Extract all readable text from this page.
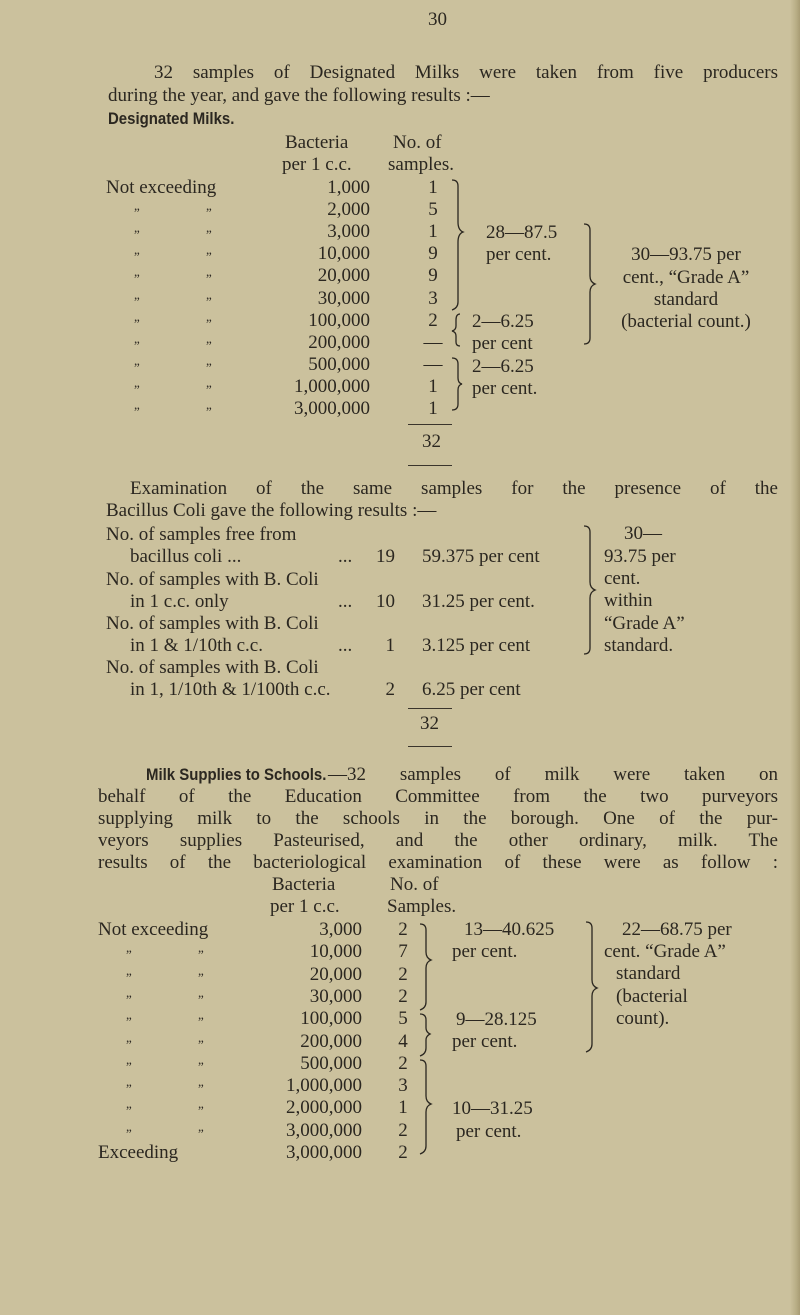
30
32 samples of Designated Milks were taken from five producers
during the year, and gave the following results :—
Designated Milks.
Bacteria
per 1 c.c.
No. of
samples.
Not exceeding	1,000	1
”	”	2,000	5
”	”	3,000	1
”	”	10,000	9
”	”	20,000	9
”	”	30,000	3
”	”	100,000	2
”	”	200,000	—
”	”	500,000	—
”	”	1,000,000	1
”	”	3,000,000	1
28—87.5
per cent.
2—6.25
per cent
2—6.25
per cent.
30—93.75 per
cent., “Grade A”
standard
(bacterial count.)
32
Examination of the same samples for the presence of the
Bacillus Coli gave the following results :—
No. of samples free from
bacillus coli ...	...	19 59.375 per cent
No. of samples with B. Coli
in 1 c.c. only	...	10 31.25 per cent.
No. of samples with B. Coli
in 1 & 1/10th c.c.	...	1 3.125 per cent
No. of samples with B. Coli
in 1, 1/10th & 1/100th c.c.	2 6.25 per cent
30—
93.75 per
cent.
within
“Grade A”
standard.
32
Milk Supplies to Schools. —32 samples of milk were taken on
behalf of the Education Committee from the two purveyors
supplying milk to the schools in the borough. One of the pur-
veyors supplies Pasteurised, and the other ordinary, milk. The
results of the bacteriological examination of these were as follow :
Bacteria
per 1 c.c.
No. of
Samples.
Not exceeding	3,000	2
”	”	10,000	7
”	”	20,000	2
”	”	30,000	2
”	”	100,000	5
”	”	200,000	4
”	”	500,000	2
”	”	1,000,000	3
”	”	2,000,000	1
”	”	3,000,000	2
Exceeding	3,000,000	2
13—40.625
per cent.
9—28.125
per cent.
10—31.25
per cent.
22—68.75 per
cent. “Grade A”
standard
(bacterial
count).
